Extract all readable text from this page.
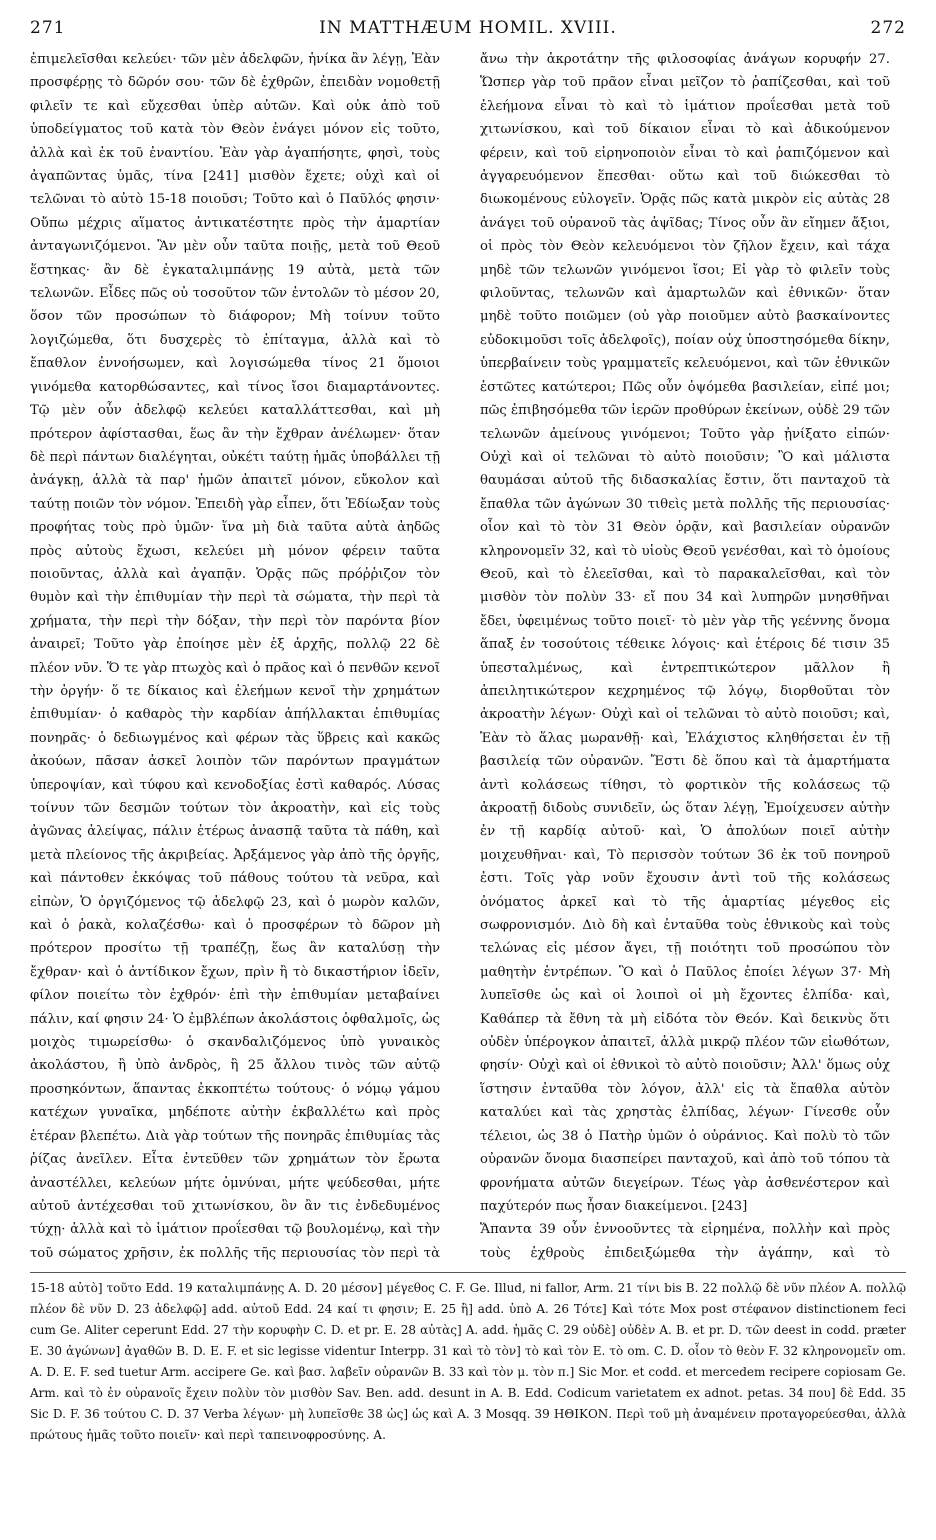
271	IN MATTHÆUM HOMIL. XVIII.	272

ἐπιμελεῖσθαι κελεύει· τῶν μὲν ἀδελφῶν, ἡνίκα ἂν λέγῃ, Ἐὰν προσφέρῃς τὸ δῶρόν σου· τῶν δὲ ἐχθρῶν, ἐπειδὰν νομοθετῇ φιλεῖν τε καὶ εὔχεσθαι ὑπὲρ αὐτῶν. Καὶ οὐκ ἀπὸ τοῦ ὑποδείγματος τοῦ κατὰ τὸν Θεὸν ἐνάγει μόνον εἰς τοῦτο, ἀλλὰ καὶ ἐκ τοῦ ἐναντίου. Ἐὰν γὰρ ἀγαπήσητε, φησὶ, τοὺς ἀγαπῶντας ὑμᾶς, τίνα [241] μισθὸν ἔχετε; οὐχὶ καὶ οἱ τελῶναι τὸ αὐτὸ 15-18 ποιοῦσι; Τοῦτο καὶ ὁ Παῦλός φησιν· Οὔπω μέχρις αἵματος ἀντικατέστητε πρὸς τὴν ἁμαρτίαν ἀνταγωνιζόμενοι. Ἂν μὲν οὖν ταῦτα ποιῇς, μετὰ τοῦ Θεοῦ ἕστηκας· ἂν δὲ ἐγκαταλιμπάνῃς 19 αὐτὰ, μετὰ τῶν τελωνῶν. Εἶδες πῶς οὐ τοσοῦτον τῶν ἐντολῶν τὸ μέσον 20, ὅσον τῶν προσώπων τὸ διάφορον; Μὴ τοίνυν τοῦτο λογιζώμεθα, ὅτι δυσχερὲς τὸ ἐπίταγμα, ἀλλὰ καὶ τὸ ἔπαθλον ἐννοήσωμεν, καὶ λογισώμεθα τίνος 21 ὅμοιοι γινόμεθα κατορθώσαντες, καὶ τίνος ἴσοι διαμαρτάνοντες. Τῷ μὲν οὖν ἀδελφῷ κελεύει καταλλάττεσθαι, καὶ μὴ πρότερον ἀφίστασθαι, ἕως ἂν τὴν ἔχθραν ἀνέλωμεν· ὅταν δὲ περὶ πάντων διαλέγηται, οὐκέτι ταύτῃ ἡμᾶς ὑποβάλλει τῇ ἀνάγκῃ, ἀλλὰ τὰ παρ' ἡμῶν ἀπαιτεῖ μόνον, εὔκολον καὶ ταύτῃ ποιῶν τὸν νόμον. Ἐπειδὴ γὰρ εἶπεν, ὅτι Ἐδίωξαν τοὺς προφήτας τοὺς πρὸ ὑμῶν· ἵνα μὴ διὰ ταῦτα αὐτὰ ἀηδῶς πρὸς αὐτοὺς ἔχωσι, κελεύει μὴ μόνον φέρειν ταῦτα ποιοῦντας, ἀλλὰ καὶ ἀγαπᾷν. Ὁρᾷς πῶς πρόῤῥιζον τὸν θυμὸν καὶ τὴν ἐπιθυμίαν τὴν περὶ τὰ σώματα, τὴν περὶ τὰ χρήματα, τὴν περὶ τὴν δόξαν, τὴν περὶ τὸν παρόντα βίον ἀναιρεῖ; Τοῦτο γὰρ ἐποίησε μὲν ἐξ ἀρχῆς, πολλῷ 22 δὲ πλέον νῦν. Ὅ τε γὰρ πτωχὸς καὶ ὁ πρᾶος καὶ ὁ πενθῶν κενοῖ τὴν ὀργήν· ὅ τε δίκαιος καὶ ἐλεήμων κενοῖ τὴν χρημάτων ἐπιθυμίαν· ὁ καθαρὸς τὴν καρδίαν ἀπήλλακται ἐπιθυμίας πονηρᾶς· ὁ δεδιωγμένος καὶ φέρων τὰς ὕβρεις καὶ κακῶς ἀκούων, πᾶσαν ἀσκεῖ λοιπὸν τῶν παρόντων πραγμάτων ὑπεροψίαν, καὶ τύφου καὶ κενοδοξίας ἐστὶ καθαρός. Λύσας τοίνυν τῶν δεσμῶν τούτων τὸν ἀκροατὴν, καὶ εἰς τοὺς ἀγῶνας ἀλείψας, πάλιν ἑτέρως ἀνασπᾷ ταῦτα τὰ πάθη, καὶ μετὰ πλείονος τῆς ἀκριβείας. Ἀρξάμενος γὰρ ἀπὸ τῆς ὀργῆς, καὶ πάντοθεν ἐκκόψας τοῦ πάθους τούτου τὰ νεῦρα, καὶ εἰπὼν, Ὁ ὀργιζόμενος τῷ ἀδελφῷ 23, καὶ ὁ μωρὸν καλῶν, καὶ ὁ ῥακὰ, κολαζέσθω· καὶ ὁ προσφέρων τὸ δῶρον μὴ πρότερον προσίτω τῇ τραπέζῃ, ἕως ἂν καταλύσῃ τὴν ἔχθραν· καὶ ὁ ἀντίδικον ἔχων, πρὶν ἢ τὸ δικαστήριον ἰδεῖν, φίλον ποιείτω τὸν ἐχθρόν· ἐπὶ τὴν ἐπιθυμίαν μεταβαίνει πάλιν, καί φησιν 24· Ὁ ἐμβλέπων ἀκολάστοις ὀφθαλμοῖς, ὡς μοιχὸς τιμωρείσθω· ὁ σκανδαλιζόμενος ὑπὸ γυναικὸς ἀκολάστου, ἢ ὑπὸ ἀνδρὸς, ἢ 25 ἄλλου τινὸς τῶν αὐτῷ προσηκόντων, ἅπαντας ἐκκοπτέτω τούτους· ὁ νόμῳ γάμου κατέχων γυναῖκα, μηδέποτε αὐτὴν ἐκβαλλέτω καὶ πρὸς ἑτέραν βλεπέτω. Διὰ γὰρ τούτων τῆς πονηρᾶς ἐπιθυμίας τὰς ῥίζας ἀνεῖλεν. Εἶτα ἐντεῦθεν τῶν χρημάτων τὸν ἔρωτα ἀναστέλλει, κελεύων μήτε ὀμνύναι, μήτε ψεύδεσθαι, μήτε αὐτοῦ ἀντέχεσθαι τοῦ χιτωνίσκου, ὃν ἂν τις ἐνδεδυμένος τύχῃ· ἀλλὰ καὶ τὸ ἱμάτιον προΐεσθαι τῷ βουλομένῳ, καὶ τὴν τοῦ σώματος χρῆσιν, ἐκ πολλῆς τῆς περιουσίας τὸν περὶ τὰ

ἄνω τὴν ἀκροτάτην τῆς φιλοσοφίας ἀνάγων κορυφήν 27. Ὥσπερ γὰρ τοῦ πρᾶον εἶναι μεῖζον τὸ ῥαπίζεσθαι, καὶ τοῦ ἐλεήμονα εἶναι τὸ καὶ τὸ ἱμάτιον προΐεσθαι μετὰ τοῦ χιτωνίσκου, καὶ τοῦ δίκαιον εἶναι τὸ καὶ ἀδικούμενον φέρειν, καὶ τοῦ εἰρηνοποιὸν εἶναι τὸ καὶ ῥαπιζόμενον καὶ ἀγγαρευόμενον ἕπεσθαι· οὕτω καὶ τοῦ διώκεσθαι τὸ διωκομένους εὐλογεῖν. Ὁρᾷς πῶς κατὰ μικρὸν εἰς αὐτὰς 28 ἀνάγει τοῦ οὐρανοῦ τὰς ἀψῖδας; Τίνος οὖν ἂν εἴημεν ἄξιοι, οἱ πρὸς τὸν Θεὸν κελευόμενοι τὸν ζῆλον ἔχειν, καὶ τάχα μηδὲ τῶν τελωνῶν γινόμενοι ἴσοι; Εἰ γὰρ τὸ φιλεῖν τοὺς φιλοῦντας, τελωνῶν καὶ ἁμαρτωλῶν καὶ ἐθνικῶν· ὅταν μηδὲ τοῦτο ποιῶμεν (οὐ γὰρ ποιοῦμεν αὐτὸ βασκαίνοντες εὐδοκιμοῦσι τοῖς ἀδελφοῖς), ποίαν οὐχ ὑποστησόμεθα δίκην, ὑπερβαίνειν τοὺς γραμματεῖς κελευόμενοι, καὶ τῶν ἐθνικῶν ἑστῶτες κατώτεροι; Πῶς οὖν ὀψόμεθα βασιλείαν, εἰπέ μοι; πῶς ἐπιβησόμεθα τῶν ἱερῶν προθύρων ἐκείνων, οὐδὲ 29 τῶν τελωνῶν ἀμείνους γινόμενοι; Τοῦτο γὰρ ᾐνίξατο εἰπών· Οὐχὶ καὶ οἱ τελῶναι τὸ αὐτὸ ποιοῦσιν; Ὃ καὶ μάλιστα θαυμάσαι αὐτοῦ τῆς διδασκαλίας ἔστιν, ὅτι πανταχοῦ τὰ ἔπαθλα τῶν ἀγώνων 30 τιθεὶς μετὰ πολλῆς τῆς περιουσίας· οἷον καὶ τὸ τὸν 31 Θεὸν ὁρᾷν, καὶ βασιλείαν οὐρανῶν κληρονομεῖν 32, καὶ τὸ υἱοὺς Θεοῦ γενέσθαι, καὶ τὸ ὁμοίους Θεοῦ, καὶ τὸ ἐλεεῖσθαι, καὶ τὸ παρακαλεῖσθαι, καὶ τὸν μισθὸν τὸν πολὺν 33· εἴ που 34 καὶ λυπηρῶν μνησθῆναι ἔδει, ὑφειμένως τοῦτο ποιεῖ· τὸ μὲν γὰρ τῆς γεέννης ὄνομα ἅπαξ ἐν τοσούτοις τέθεικε λόγοις· καὶ ἑτέροις δέ τισιν 35 ὑπεσταλμένως, καὶ ἐντρεπτικώτερον μᾶλλον ἢ ἀπειλητικώτερον κεχρημένος τῷ λόγῳ, διορθοῦται τὸν ἀκροατὴν λέγων· Οὐχὶ καὶ οἱ τελῶναι τὸ αὐτὸ ποιοῦσι; καὶ, Ἐὰν τὸ ἅλας μωρανθῇ· καὶ, Ἐλάχιστος κληθήσεται ἐν τῇ βασιλείᾳ τῶν οὐρανῶν. Ἔστι δὲ ὅπου καὶ τὰ ἁμαρτήματα ἀντὶ κολάσεως τίθησι, τὸ φορτικὸν τῆς κολάσεως τῷ ἀκροατῇ διδοὺς συνιδεῖν, ὡς ὅταν λέγῃ, Ἐμοίχευσεν αὐτὴν ἐν τῇ καρδίᾳ αὐτοῦ· καὶ, Ὁ ἀπολύων ποιεῖ αὐτὴν μοιχευθῆναι· καὶ, Τὸ περισσὸν τούτων 36 ἐκ τοῦ πονηροῦ ἐστι. Τοῖς γὰρ νοῦν ἔχουσιν ἀντὶ τοῦ τῆς κολάσεως ὀνόματος ἀρκεῖ καὶ τὸ τῆς ἁμαρτίας μέγεθος εἰς σωφρονισμόν. Διὸ δὴ καὶ ἐνταῦθα τοὺς ἐθνικοὺς καὶ τοὺς τελώνας εἰς μέσον ἄγει, τῇ ποιότητι τοῦ προσώπου τὸν μαθητὴν ἐντρέπων. Ὃ καὶ ὁ Παῦλος ἐποίει λέγων 37· Μὴ λυπεῖσθε ὡς καὶ οἱ λοιποὶ οἱ μὴ ἔχοντες ἐλπίδα· καὶ, Καθάπερ τὰ ἔθνη τὰ μὴ εἰδότα τὸν Θεόν. Καὶ δεικνὺς ὅτι οὐδὲν ὑπέρογκον ἀπαιτεῖ, ἀλλὰ μικρῷ πλέον τῶν εἰωθότων, φησίν· Οὐχὶ καὶ οἱ ἐθνικοὶ τὸ αὐτὸ ποιοῦσιν; Ἀλλ' ὅμως οὐχ ἵστησιν ἐνταῦθα τὸν λόγον, ἀλλ' εἰς τὰ ἔπαθλα αὐτὸν καταλύει καὶ τὰς χρηστὰς ἐλπίδας, λέγων· Γίνεσθε οὖν τέλειοι, ὡς 38 ὁ Πατὴρ ὑμῶν ὁ οὐράνιος. Καὶ πολὺ τὸ τῶν οὐρανῶν ὄνομα διασπείρει πανταχοῦ, καὶ ἀπὸ τοῦ τόπου τὰ φρονήματα αὐτῶν διεγείρων. Τέως γὰρ ἀσθενέστερον καὶ παχύτερόν πως ἦσαν διακείμενοι. [243]

Ἅπαντα 39 οὖν ἐννοοῦντες τὰ εἰρημένα, πολλὴν καὶ πρὸς τοὺς ἐχθροὺς ἐπιδειξώμεθα τὴν ἀγάπην, καὶ τὸ

15-18 αὐτὸ] τοῦτο Edd. 19 καταλιμπάνῃς A. D. 20 μέσον] μέγεθος C. F. Ge. Illud, ni fallor, Arm. 21 τίνι bis B. 22 πολλῷ δὲ νῦν πλέον A. πολλῷ πλέον δὲ νῦν D. 23 ἀδελφῷ] add. αὐτοῦ Edd. 24 καί τι φησιν; E. 25 ἢ] add. ὑπὸ A. 26 Τότε] Καὶ τότε Mox post στέφανον distinctionem feci cum Ge. Aliter ceperunt Edd. 27 τὴν κορυφὴν C. D. et pr. E. 28 αὐτὰς] A. add. ἡμᾶς C. 29 οὐδὲ] οὐδὲν A. B. et pr. D. τῶν deest in codd. præter E. 30 ἀγώνων] ἀγαθῶν B. D. E. F. et sic legisse videntur Interpp. 31 καὶ τὸ τὸν] τὸ καὶ τὸν E. τὸ om. C. D. οἷον τὸ θεὸν F. 32 κληρονομεῖν om. A. D. E. F. sed tuetur Arm. accipere Ge. καὶ βασ. λαβεῖν οὐρανῶν B. 33 καὶ τὸν μ. τὸν π.] Sic Mor. et codd. et mercedem recipere copiosam Ge. Arm. καὶ τὸ ἐν οὐρανοῖς ἔχειν πολὺν τὸν μισθὸν Sav. Ben. add. desunt in A. B. Edd. Codicum varietatem ex adnot. petas. 34 που] δὲ Edd. 35 Sic D. F. 36 τούτου C. D. 37 Verba λέγων· μὴ λυπεῖσθε 38 ὡς] ὡς καὶ A. 3 Mosqq. 39 ΗΘΙΚΟΝ. Περὶ τοῦ μὴ ἀναμένειν προταγορεύεσθαι, ἀλλὰ πρώτους ἡμᾶς τοῦτο ποιεῖν· καὶ περὶ ταπεινοφροσύνης. A.
